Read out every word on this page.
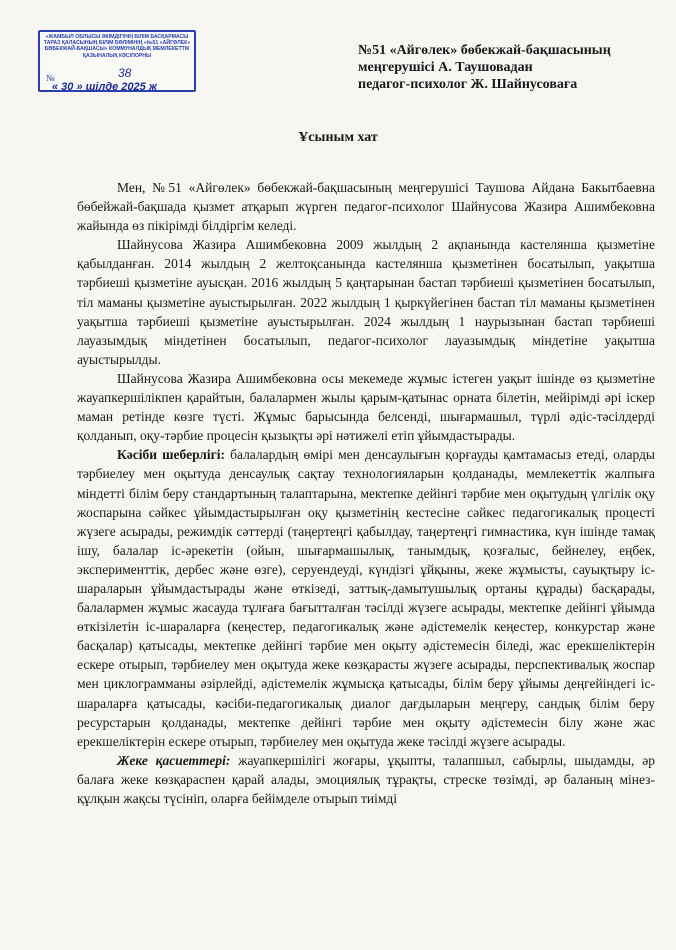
«ЖАМБЫЛ ОБЛЫСЫ ӘКІМДІГІНІҢ БІЛІМ БАСҚАРМАСЫ
ТАРАЗ ҚАЛАСЫНЫҢ БІЛІМ БӨЛІМІНІҢ «№51 «АЙГӨЛЕК»
БӨБЕКЖАЙ-БАҚШАСЫ» КОММУНАЛДЫҚ МЕМЛЕКЕТТІК
ҚАЗЫНАЛЫҚ КӘСІПОРНЫ
№	38
« 30 » шілде 2025 ж
№51 «Айгөлек» бөбекжай-бақшасының
меңгерушісі А. Таушовадан
педагог-психолог Ж. Шайнусоваға
Ұсыным хат

Мен, №51 «Айгөлек» бөбекжай-бақшасының меңгерушісі Таушова Айдана Бакытбаевна бөбейжай-бақшада қызмет атқарып жүрген педагог-психолог Шайнусова Жазира Ашимбековна жайында өз пікірімді білдіргім келеді.

Шайнусова Жазира Ашимбековна 2009 жылдың 2 ақпанында кастелянша қызметіне қабылданған. 2014 жылдың 2 желтоқсанында кастелянша қызметінен босатылып, уақытша тәрбиеші қызметіне ауысқан. 2016 жылдың 5 қаңтарынан бастап тәрбиеші қызметінен босатылып, тіл маманы қызметіне ауыстырылған. 2022 жылдың 1 қыркүйегінен бастап тіл маманы қызметінен уақытша тәрбиеші қызметіне ауыстырылған. 2024 жылдың 1 наурызынан бастап тәрбиеші лауазымдық міндетінен босатылып, педагог-психолог лауазымдық міндетіне уақытша ауыстырылды.

Шайнусова Жазира Ашимбековна осы мекемеде жұмыс істеген уақыт ішінде өз қызметіне жауапкершілікпен қарайтын, балалармен жылы қарым-қатынас орната білетін, мейірімді әрі іскер маман ретінде көзге түсті. Жұмыс барысында белсенді, шығармашыл, түрлі әдіс-тәсілдерді қолданып, оқу-тәрбие процесін қызықты әрі нәтижелі етіп ұйымдастырады.

Кәсіби шеберлігі: балалардың өмірі мен денсаулығын қорғауды қамтамасыз етеді, оларды тәрбиелеу мен оқытуда денсаулық сақтау технологияларын қолданады, мемлекеттік жалпыға міндетті білім беру стандартының талаптарына, мектепке дейінгі тәрбие мен оқытудың үлгілік оқу жоспарына сәйкес ұйымдастырылған оқу қызметінің кестесіне сәйкес педагогикалық процесті жүзеге асырады, режимдік сәттерді (таңертеңгі қабылдау, таңертеңгі гимнастика, күн ішінде тамақ ішу, балалар іс-әрекетін (ойын, шығармашылық, танымдық, қозғалыс, бейнелеу, еңбек, эксперименттік, дербес және өзге), серуендеуді, күндізгі ұйқыны, жеке жұмысты, сауықтыру іс-шараларын ұйымдастырады және өткізеді, заттық-дамытушылық ортаны құрады) басқарады, балалармен жұмыс жасауда тұлғаға бағытталған тәсілді жүзеге асырады, мектепке дейінгі ұйымда өткізілетін іс-шараларға (кеңестер, педагогикалық және әдістемелік кеңестер, конкурстар және басқалар) қатысады, мектепке дейінгі тәрбие мен оқыту әдістемесін біледі, жас ерекшеліктерін ескере отырып, тәрбиелеу мен оқытуда жеке көзқарасты жүзеге асырады, перспективалық жоспар мен циклограмманы әзірлейді, әдістемелік жұмысқа қатысады, білім беру ұйымы деңгейіндегі іс-шараларға қатысады, кәсіби-педагогикалық диалог дағдыларын меңгеру, сандық білім беру ресурстарын қолданады, мектепке дейінгі тәрбие мен оқыту әдістемесін білу және жас ерекшеліктерін ескере отырып, тәрбиелеу мен оқытуда жеке тәсілді жүзеге асырады.

Жеке қасиеттері: жауапкершілігі жоғары, ұқыпты, талапшыл, сабырлы, шыдамды, әр балаға жеке көзқараспен қарай алады, эмоциялық тұрақты, стреске төзімді, әр баланың мінез-құлқын жақсы түсініп, оларға бейімделе отырып тиімді
